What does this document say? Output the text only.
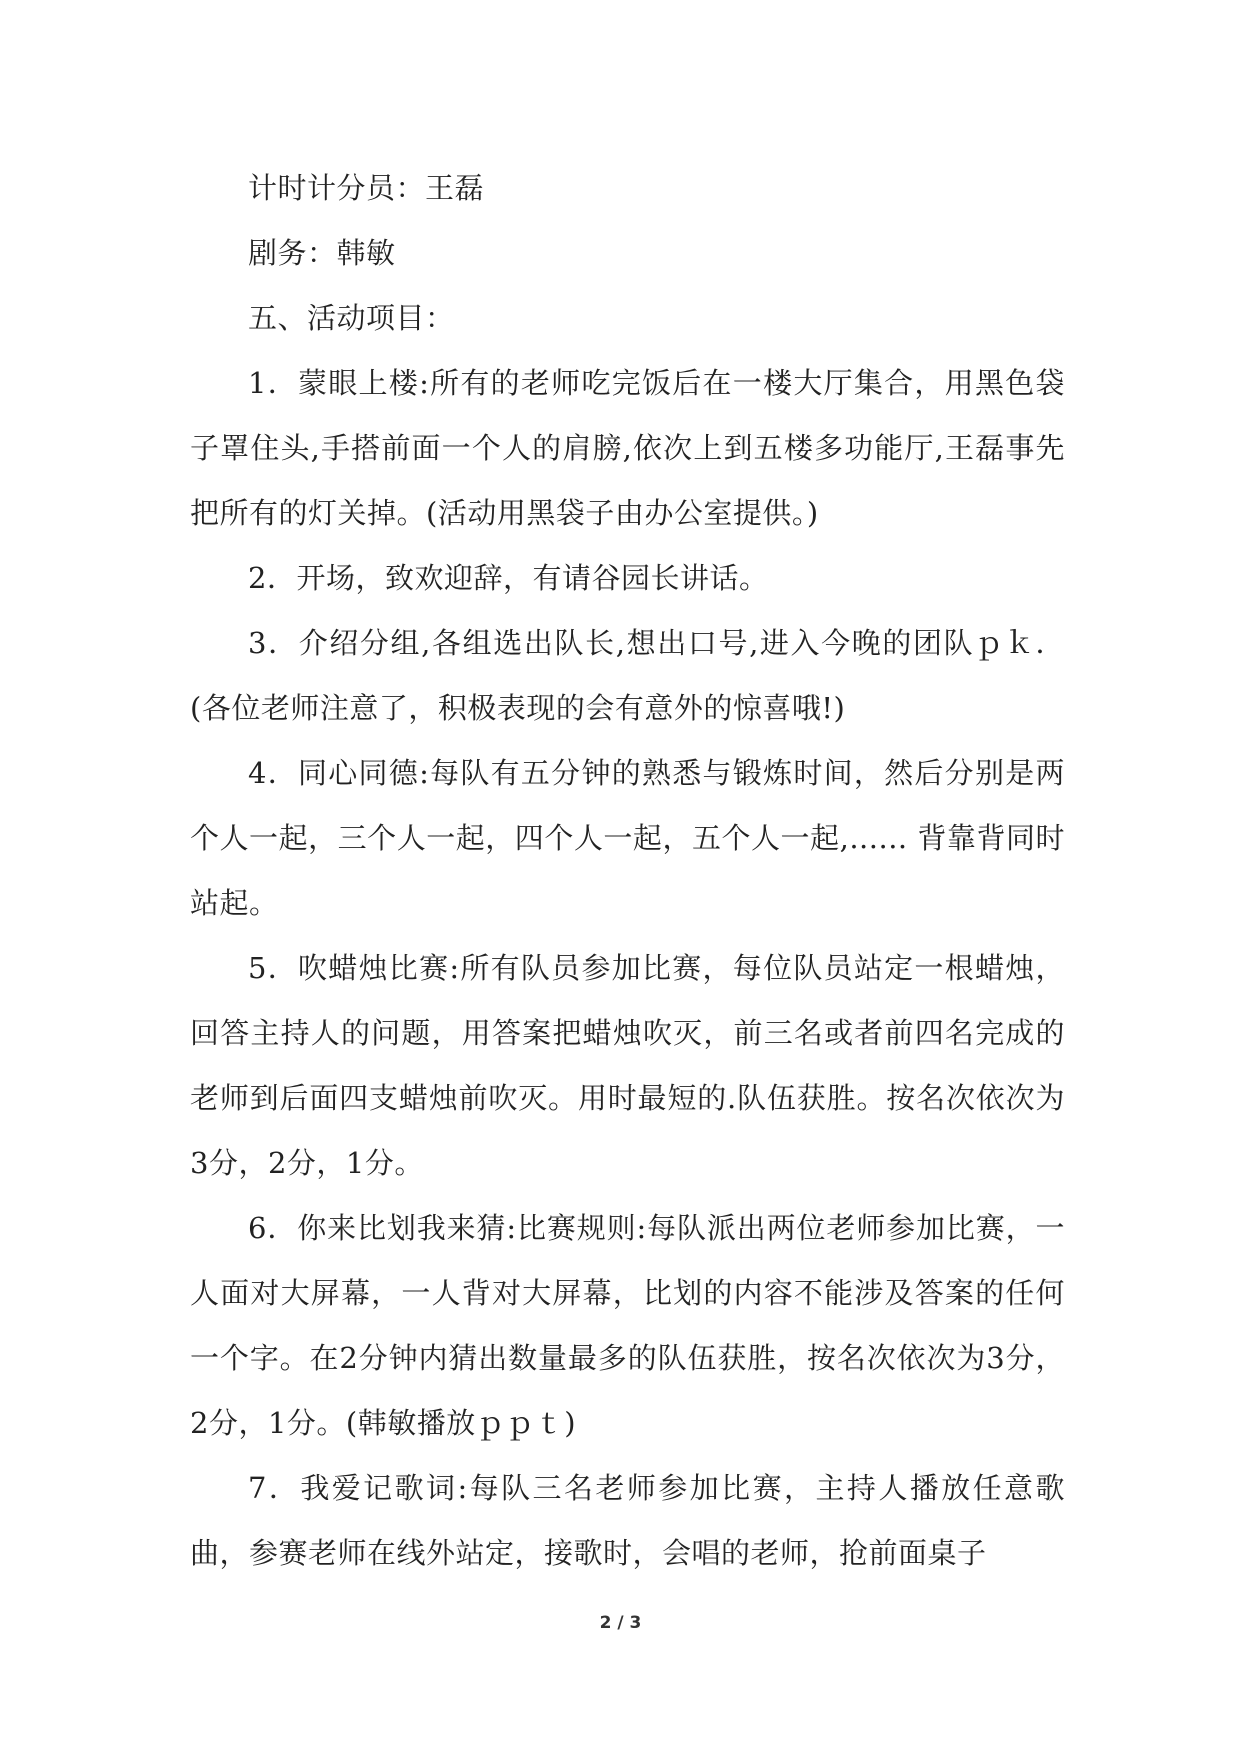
计时计分员：王磊

剧务：韩敏

五、活动项目：

1．蒙眼上楼:所有的老师吃完饭后在一楼大厅集合，用黑色袋子罩住头,手搭前面一个人的肩膀,依次上到五楼多功能厅,王磊事先把所有的灯关掉。(活动用黑袋子由办公室提供。)

2．开场，致欢迎辞，有请谷园长讲话。

3．介绍分组,各组选出队长,想出口号,进入今晚的团队ｐｋ．(各位老师注意了，积极表现的会有意外的惊喜哦!)

4．同心同德:每队有五分钟的熟悉与锻炼时间，然后分别是两个人一起，三个人一起，四个人一起，五个人一起,...... 背靠背同时站起。

5．吹蜡烛比赛:所有队员参加比赛，每位队员站定一根蜡烛，回答主持人的问题，用答案把蜡烛吹灭，前三名或者前四名完成的老师到后面四支蜡烛前吹灭。用时最短的.队伍获胜。按名次依次为3分，2分，1分。

6．你来比划我来猜:比赛规则:每队派出两位老师参加比赛，一人面对大屏幕，一人背对大屏幕，比划的内容不能涉及答案的任何一个字。在2分钟内猜出数量最多的队伍获胜，按名次依次为3分，2分，1分。(韩敏播放ｐｐｔ)

7．我爱记歌词:每队三名老师参加比赛，主持人播放任意歌曲，参赛老师在线外站定，接歌时，会唱的老师，抢前面桌子

2 / 3
